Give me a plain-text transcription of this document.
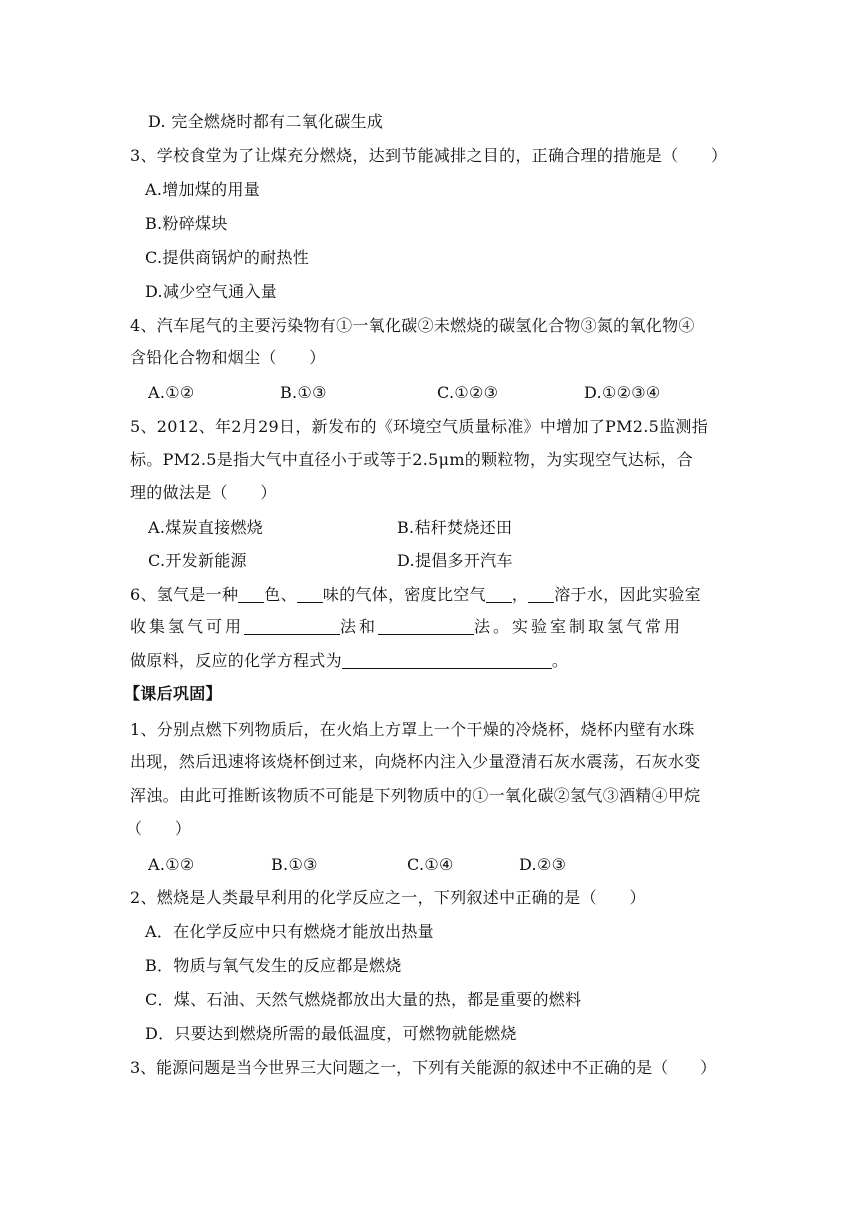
D. 完全燃烧时都有二氧化碳生成
3、学校食堂为了让煤充分燃烧，达到节能减排之目的，正确合理的措施是（　　）
A.增加煤的用量
B.粉碎煤块
C.提供商锅炉的耐热性
D.减少空气通入量
4、汽车尾气的主要污染物有①一氧化碳②未燃烧的碳氢化合物③氮的氧化物④
含铅化合物和烟尘（　　）
A.①②	B.①③	C.①②③	D.①②③④
5、2012、年2月29日，新发布的《环境空气质量标准》中增加了PM2.5监测指
标。PM2.5是指大气中直径小于或等于2.5μm的颗粒物，为实现空气达标，合
理的做法是（　　）
A.煤炭直接燃烧	B.秸秆焚烧还田
C.开发新能源	D.提倡多开汽车
6、氢气是一种 色、 味的气体，密度比空气 ， 溶于水，因此实验室
收集氢气可用	法和	法。实验室制取氢气常用
做原料，反应的化学方程式为	。
【课后巩固】
1、分别点燃下列物质后，在火焰上方罩上一个干燥的冷烧杯，烧杯内壁有水珠
出现，然后迅速将该烧杯倒过来，向烧杯内注入少量澄清石灰水震荡，石灰水变
浑浊。由此可推断该物质不可能是下列物质中的①一氧化碳②氢气③酒精④甲烷
（　　）
A.①②	B.①③	C.①④	D.②③
2、燃烧是人类最早利用的化学反应之一，下列叙述中正确的是（　　）
A．在化学反应中只有燃烧才能放出热量
B．物质与氧气发生的反应都是燃烧
C．煤、石油、天然气燃烧都放出大量的热，都是重要的燃料
D．只要达到燃烧所需的最低温度，可燃物就能燃烧
3、能源问题是当今世界三大问题之一，下列有关能源的叙述中不正确的是（　　）
